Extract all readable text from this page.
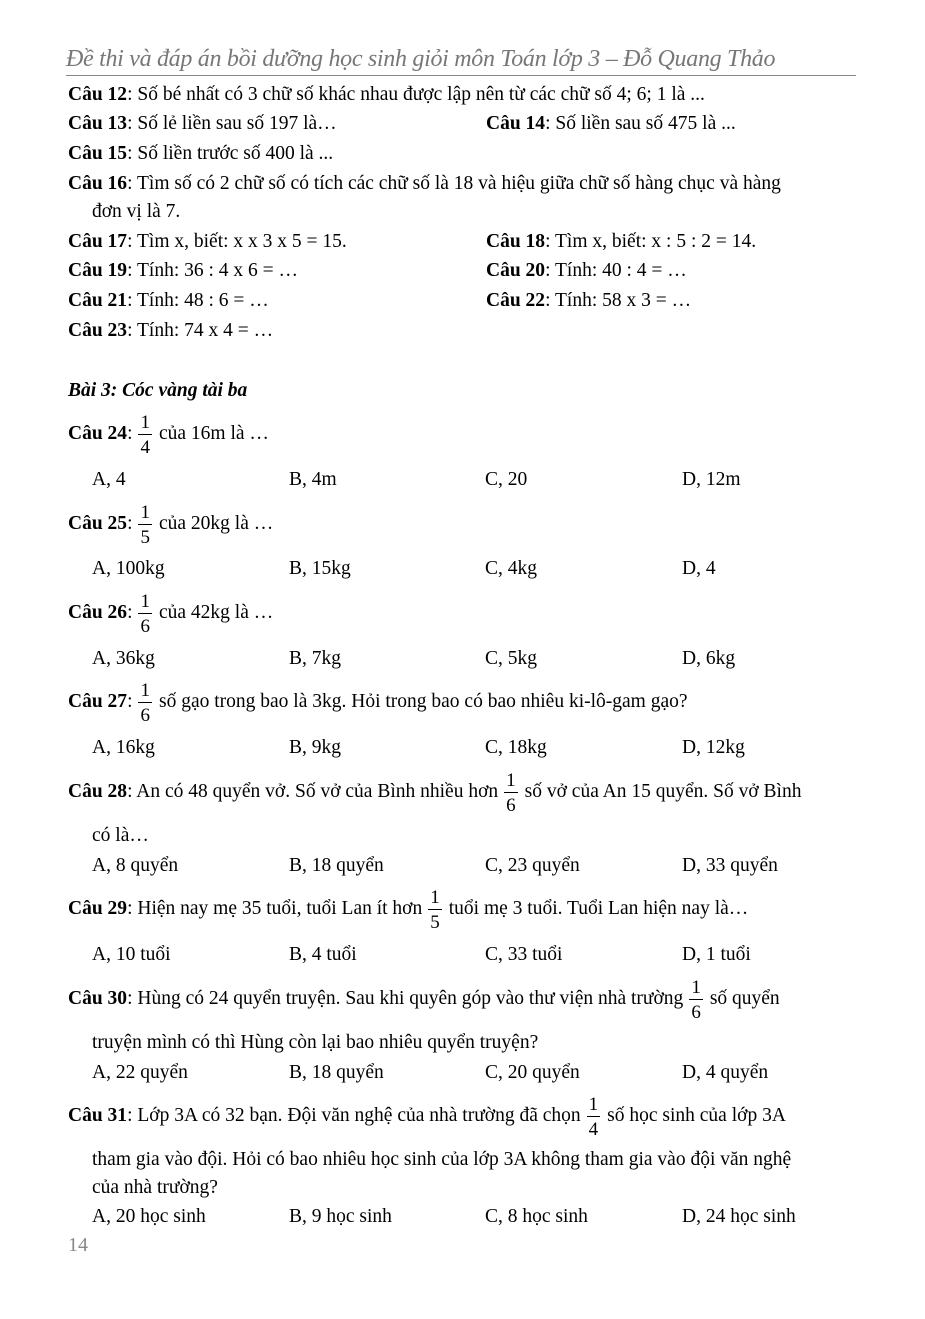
Đề thi và đáp án bồi dưỡng học sinh giỏi môn Toán lớp 3 – Đỗ Quang Thảo
Câu 12: Số bé nhất có 3 chữ số khác nhau được lập nên từ các chữ số 4; 6; 1 là ...
Câu 13: Số lẻ liền sau số 197 là…	Câu 14: Số liền sau số 475 là ...
Câu 15: Số liền trước số 400 là ...
Câu 16: Tìm số có 2 chữ số có tích các chữ số là 18 và hiệu giữa chữ số hàng chục và hàng
đơn vị là 7.
Câu 17: Tìm x, biết: x x 3 x 5 = 15.	Câu 18: Tìm x, biết: x : 5 : 2 = 14.
Câu 19: Tính: 36 : 4 x 6 = …	Câu 20: Tính: 40 : 4 = …
Câu 21: Tính: 48 : 6 = …	Câu 22: Tính: 58 x 3 = …
Câu 23: Tính: 74 x 4 = …
Bài 3: Cóc vàng tài ba
Câu 24: $\frac{1}{4}$ của 16m là …
A, 4	B, 4m	C, 20	D, 12m
Câu 25: $\frac{1}{5}$ của 20kg là …
A, 100kg	B, 15kg	C, 4kg	D, 4
Câu 26: $\frac{1}{6}$ của 42kg là …
A, 36kg	B, 7kg	C, 5kg	D, 6kg
Câu 27: $\frac{1}{6}$ số gạo trong bao là 3kg. Hỏi trong bao có bao nhiêu ki-lô-gam gạo?
A, 16kg	B, 9kg	C, 18kg	D, 12kg
Câu 28: An có 48 quyển vở. Số vở của Bình nhiều hơn $\frac{1}{6}$ số vở của An 15 quyển. Số vở Bình
có là…
A, 8 quyển	B, 18 quyển	C, 23 quyển	D, 33 quyển
Câu 29: Hiện nay mẹ 35 tuổi, tuổi Lan ít hơn $\frac{1}{5}$ tuổi mẹ 3 tuổi. Tuổi Lan hiện nay là…
A, 10 tuổi	B, 4 tuổi	C, 33 tuổi	D, 1 tuổi
Câu 30: Hùng có 24 quyển truyện. Sau khi quyên góp vào thư viện nhà trường $\frac{1}{6}$ số quyển
truyện mình có thì Hùng còn lại bao nhiêu quyển truyện?
A, 22 quyển	B, 18 quyển	C, 20 quyển	D, 4 quyển
Câu 31: Lớp 3A có 32 bạn. Đội văn nghệ của nhà trường đã chọn $\frac{1}{4}$ số học sinh của lớp 3A
tham gia vào đội. Hỏi có bao nhiêu học sinh của lớp 3A không tham gia vào đội văn nghệ
của nhà trường?
A, 20 học sinh	B, 9 học sinh	C, 8 học sinh	D, 24 học sinh
14
